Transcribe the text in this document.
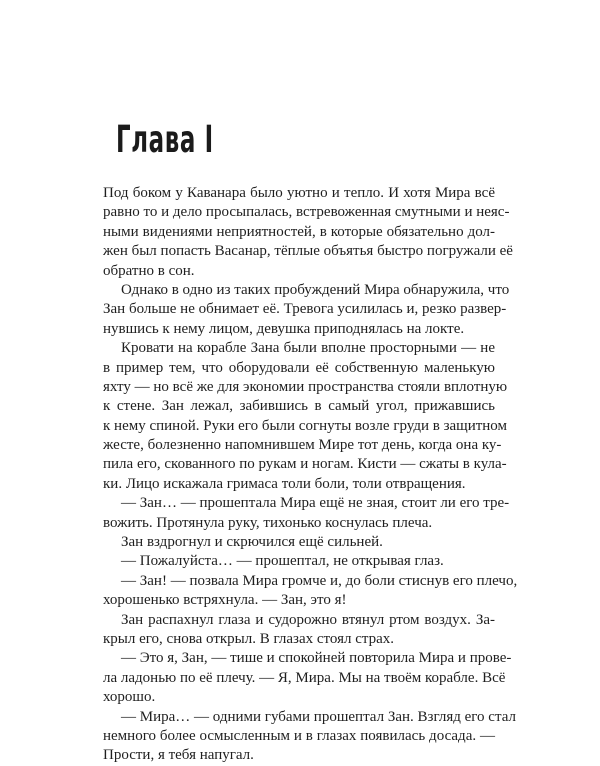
Глава I
Под боком у Каванара было уютно и тепло. И хотя Мира всё
равно то и дело просыпалась, встревоженная смутными и неяс-
ными видениями неприятностей, в которые обязательно дол-
жен был попасть Васанар, тёплые объятья быстро погружали её
обратно в сон.
Однако в одно из таких пробуждений Мира обнаружила, что
Зан больше не обнимает её. Тревога усилилась и, резко развер-
нувшись к нему лицом, девушка приподнялась на локте.
Кровати на корабле Зана были вполне просторными — не
в пример тем, что оборудовали её собственную маленькую
яхту — но всё же для экономии пространства стояли вплотную
к стене. Зан лежал, забившись в самый угол, прижавшись
к нему спиной. Руки его были согнуты возле груди в защитном
жесте, болезненно напомнившем Мире тот день, когда она ку-
пила его, скованного по рукам и ногам. Кисти — сжаты в кула-
ки. Лицо искажала гримаса толи боли, толи отвращения.
— Зан… — прошептала Мира ещё не зная, стоит ли его тре-
вожить. Протянула руку, тихонько коснулась плеча.
Зан вздрогнул и скрючился ещё сильней.
— Пожалуйста… — прошептал, не открывая глаз.
— Зан! — позвала Мира громче и, до боли стиснув его плечо,
хорошенько встряхнула. — Зан, это я!
Зан распахнул глаза и судорожно втянул ртом воздух. За-
крыл его, снова открыл. В глазах стоял страх.
— Это я, Зан, — тише и спокойней повторила Мира и прове-
ла ладонью по её плечу. — Я, Мира. Мы на твоём корабле. Всё
хорошо.
— Мира… — одними губами прошептал Зан. Взгляд его стал
немного более осмысленным и в глазах появилась досада. —
Прости, я тебя напугал.
